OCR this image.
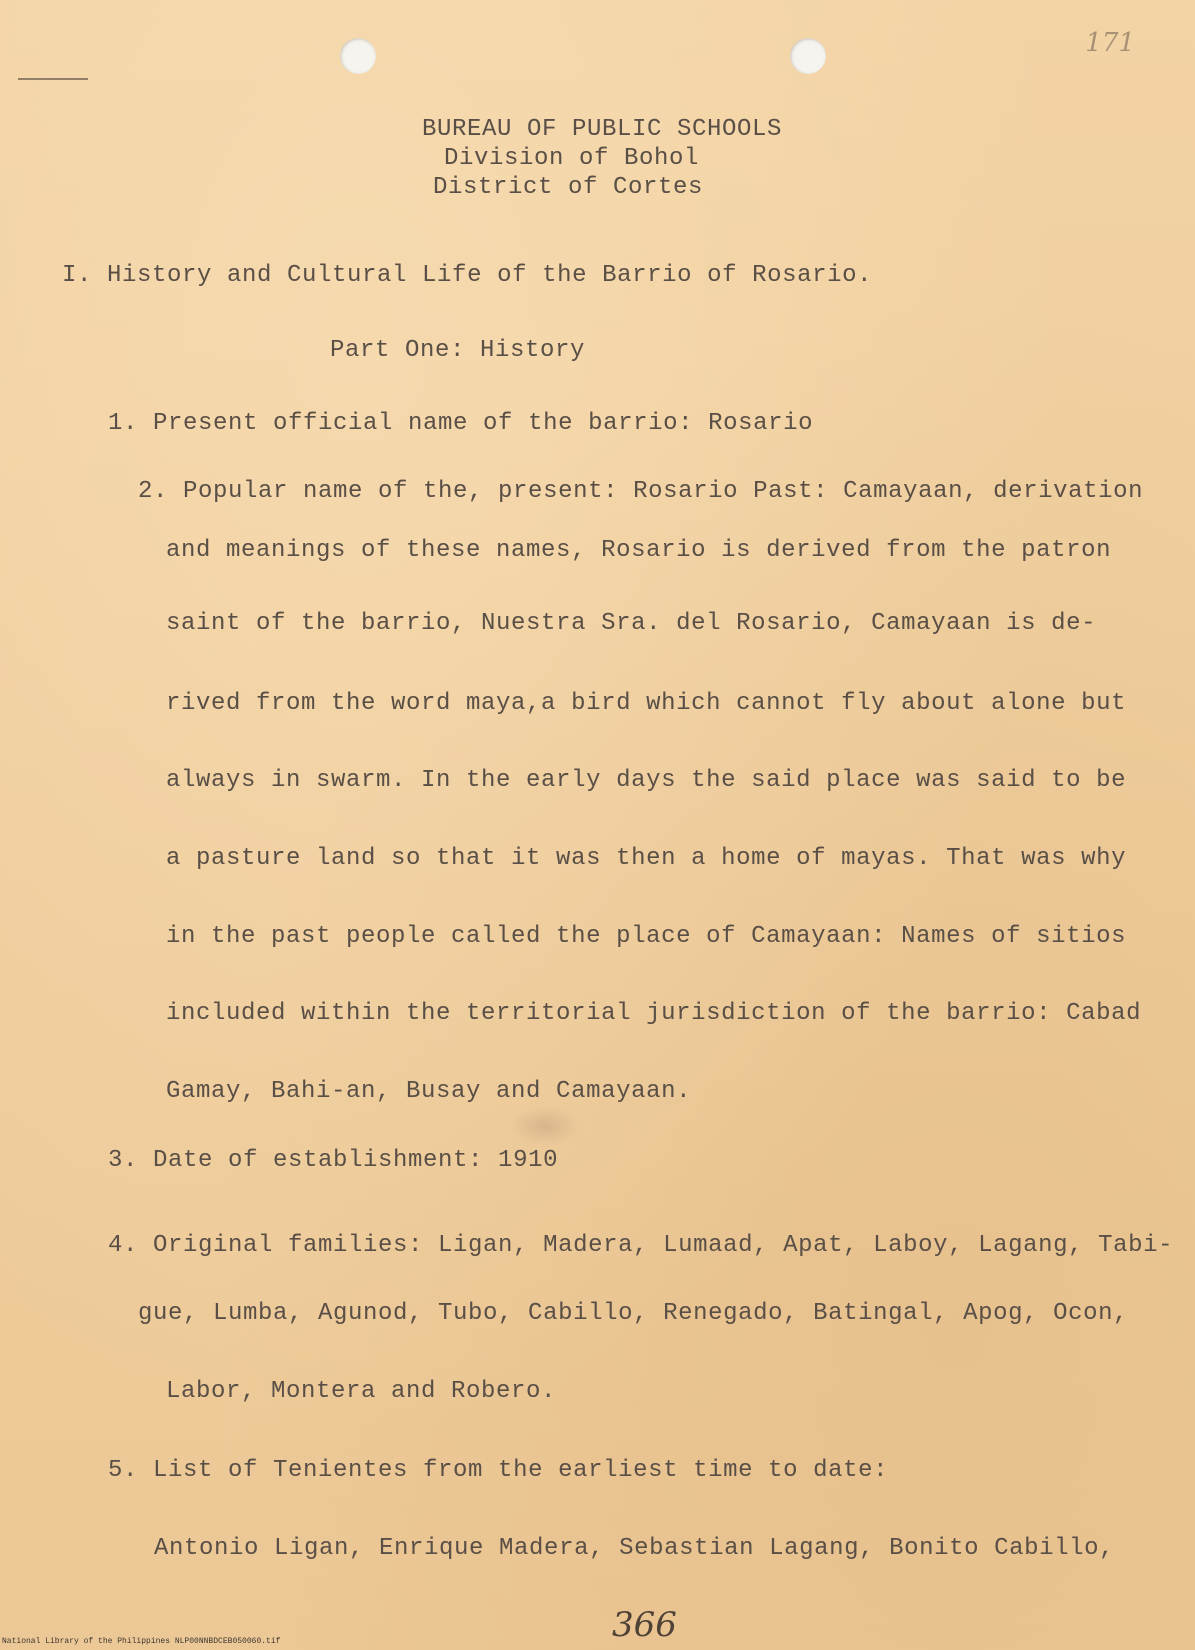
171
BUREAU OF PUBLIC SCHOOLS
Division of Bohol
District of Cortes
I. History and Cultural Life of the Barrio of Rosario.
Part One: History
1. Present official name of the barrio: Rosario
2. Popular name of the, present: Rosario Past: Camayaan, derivation
and meanings of these names, Rosario is derived from the patron
saint of the barrio, Nuestra Sra. del Rosario, Camayaan is de-
rived from the word maya,a bird which cannot fly about alone but
always in swarm. In the early days the said place was said to be
a pasture land so that it was then a home of mayas. That was why
in the past people called the place of Camayaan: Names of sitios
included within the territorial jurisdiction of the barrio: Cabad
Gamay, Bahi-an, Busay and Camayaan.
3. Date of establishment: 1910
4. Original families: Ligan, Madera, Lumaad, Apat, Laboy, Lagang, Tabi-
gue, Lumba, Agunod, Tubo, Cabillo, Renegado, Batingal, Apog, Ocon,
Labor, Montera and Robero.
5. List of Tenientes from the earliest time to date:
Antonio Ligan, Enrique Madera, Sebastian Lagang, Bonito Cabillo,
366
National Library of the Philippines NLP00NNBDCEB050060.tif
